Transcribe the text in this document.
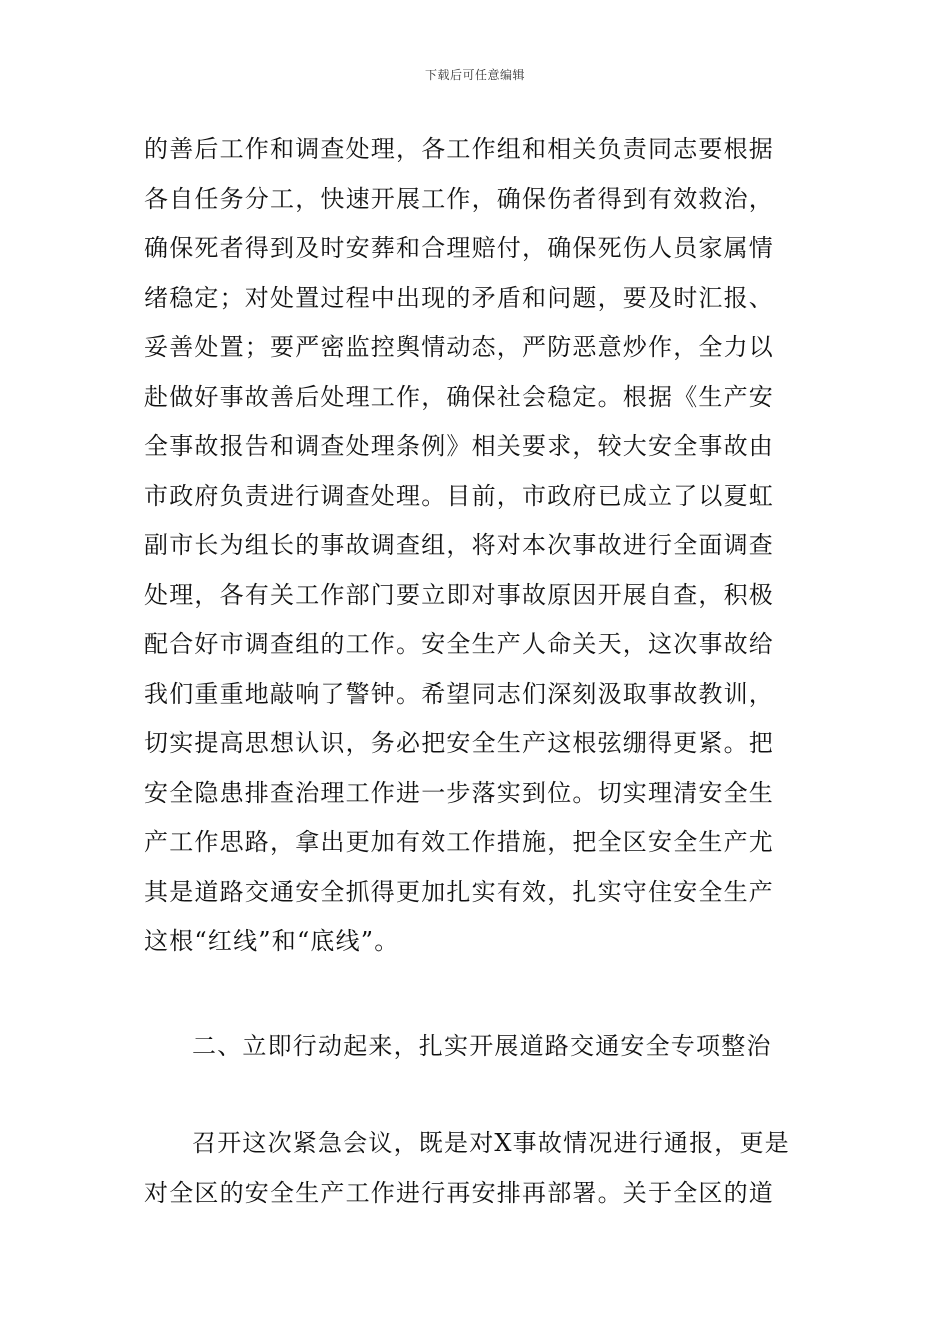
下载后可任意编辑
的善后工作和调查处理，各工作组和相关负责同志要根据
各自任务分工，快速开展工作，确保伤者得到有效救治，
确保死者得到及时安葬和合理赔付，确保死伤人员家属情
绪稳定；对处置过程中出现的矛盾和问题，要及时汇报、
妥善处置；要严密监控舆情动态，严防恶意炒作，全力以
赴做好事故善后处理工作，确保社会稳定。根据《生产安
全事故报告和调查处理条例》相关要求，较大安全事故由
市政府负责进行调查处理。目前，市政府已成立了以夏虹
副市长为组长的事故调查组，将对本次事故进行全面调查
处理，各有关工作部门要立即对事故原因开展自查，积极
配合好市调查组的工作。安全生产人命关天，这次事故给
我们重重地敲响了警钟。希望同志们深刻汲取事故教训，
切实提高思想认识，务必把安全生产这根弦绷得更紧。把
安全隐患排查治理工作进一步落实到位。切实理清安全生
产工作思路，拿出更加有效工作措施，把全区安全生产尤
其是道路交通安全抓得更加扎实有效，扎实守住安全生产
这根“红线”和“底线”。
二、立即行动起来，扎实开展道路交通安全专项整治
召开这次紧急会议，既是对X事故情况进行通报，更是
对全区的安全生产工作进行再安排再部署。关于全区的道
